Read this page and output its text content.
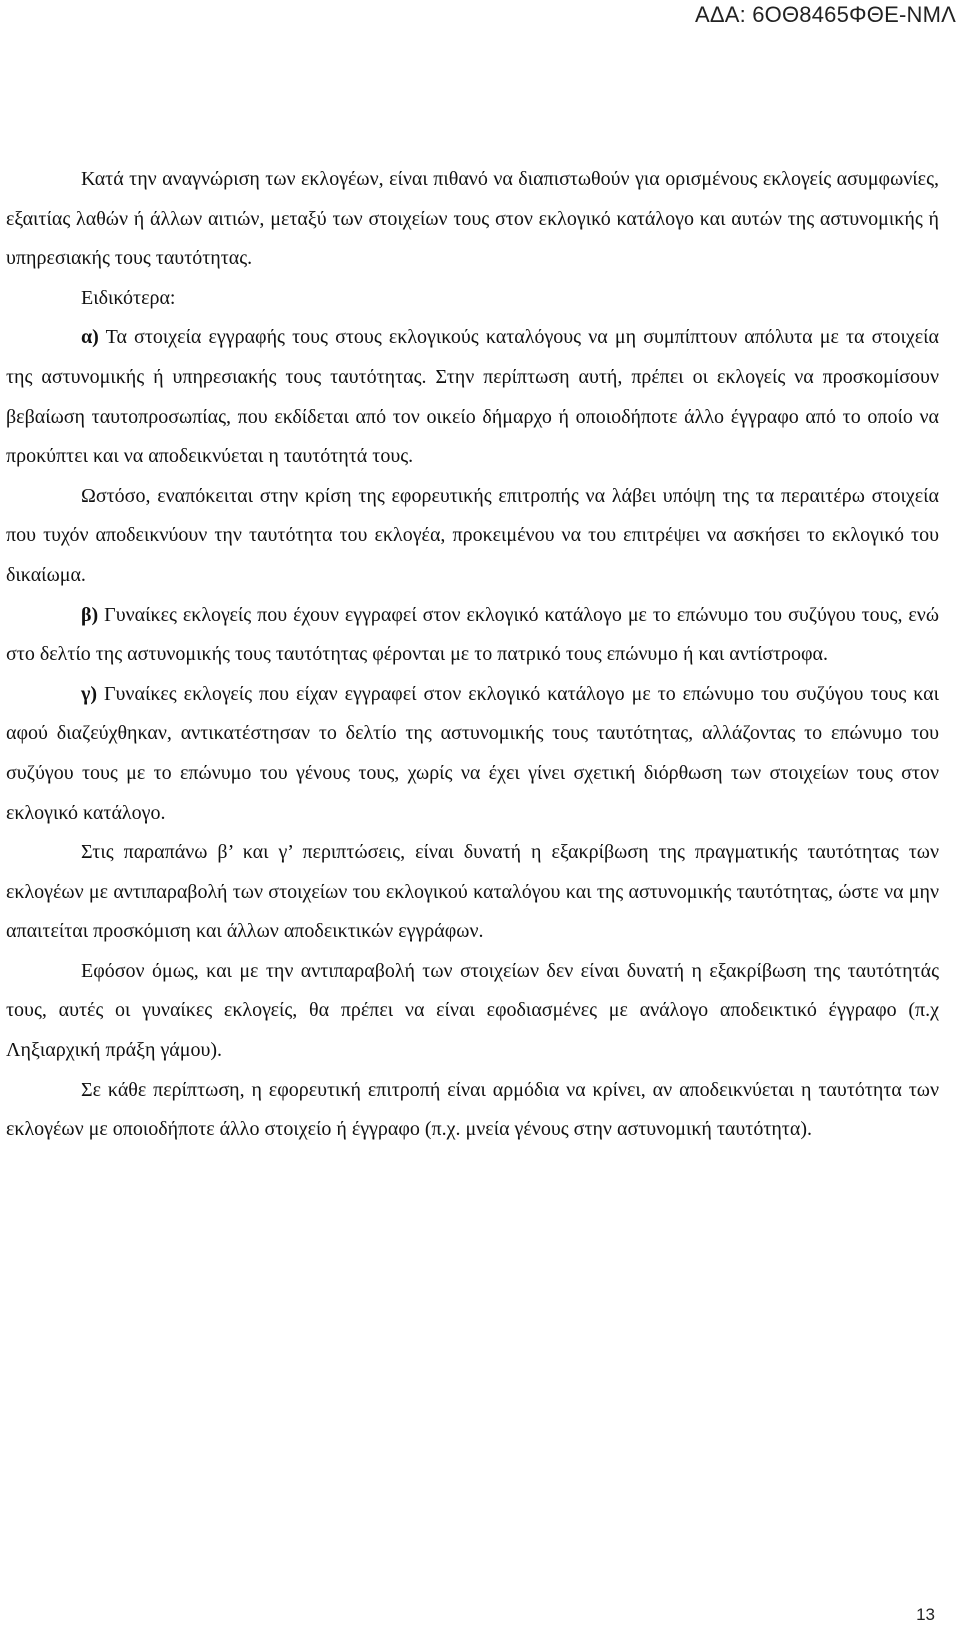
ΑΔΑ: 6ΟΘ8465ΦΘΕ-ΝΜΛ

Κατά την αναγνώριση των εκλογέων, είναι πιθανό να διαπιστωθούν για ορισμένους εκλογείς ασυμφωνίες, εξαιτίας λαθών ή άλλων αιτιών, μεταξύ των στοιχείων τους στον εκλογικό κατάλογο και αυτών της αστυνομικής ή υπηρεσιακής τους ταυτότητας.

Ειδικότερα:

α) Τα στοιχεία εγγραφής τους στους εκλογικούς καταλόγους να μη συμπίπτουν απόλυτα με τα στοιχεία της αστυνομικής ή υπηρεσιακής τους ταυτότητας. Στην περίπτωση αυτή, πρέπει οι εκλογείς να προσκομίσουν βεβαίωση ταυτοπροσωπίας, που εκδίδεται από τον οικείο δήμαρχο ή οποιοδήποτε άλλο έγγραφο από το οποίο να προκύπτει και να αποδεικνύεται η ταυτότητά τους.

Ωστόσο, εναπόκειται στην κρίση της εφορευτικής επιτροπής να λάβει υπόψη της τα περαιτέρω στοιχεία που τυχόν αποδεικνύουν την ταυτότητα του εκλογέα, προκειμένου να του επιτρέψει να ασκήσει το εκλογικό του δικαίωμα.

β) Γυναίκες εκλογείς που έχουν εγγραφεί στον εκλογικό κατάλογο με το επώνυμο του συζύγου τους, ενώ στο δελτίο της αστυνομικής τους ταυτότητας φέρονται με το πατρικό τους επώνυμο ή και αντίστροφα.

γ) Γυναίκες εκλογείς που είχαν εγγραφεί στον εκλογικό κατάλογο με το επώνυμο του συζύγου τους και αφού διαζεύχθηκαν, αντικατέστησαν το δελτίο της αστυνομικής τους ταυτότητας, αλλάζοντας το επώνυμο του συζύγου τους με το επώνυμο του γένους τους, χωρίς να έχει γίνει σχετική διόρθωση των στοιχείων τους στον εκλογικό κατάλογο.

Στις παραπάνω β’ και γ’ περιπτώσεις, είναι δυνατή η εξακρίβωση της πραγματικής ταυτότητας των εκλογέων με αντιπαραβολή των στοιχείων του εκλογικού καταλόγου και της αστυνομικής ταυτότητας, ώστε να μην απαιτείται προσκόμιση και άλλων αποδεικτικών εγγράφων.

Εφόσον όμως, και με την αντιπαραβολή των στοιχείων δεν είναι δυνατή η εξακρίβωση της ταυτότητάς τους, αυτές οι γυναίκες εκλογείς, θα πρέπει να είναι εφοδιασμένες με ανάλογο αποδεικτικό έγγραφο (π.χ Ληξιαρχική πράξη γάμου).

Σε κάθε περίπτωση, η εφορευτική επιτροπή είναι αρμόδια να κρίνει, αν αποδεικνύεται η ταυτότητα των εκλογέων με οποιοδήποτε άλλο στοιχείο ή έγγραφο (π.χ. μνεία γένους στην αστυνομική ταυτότητα).

13
